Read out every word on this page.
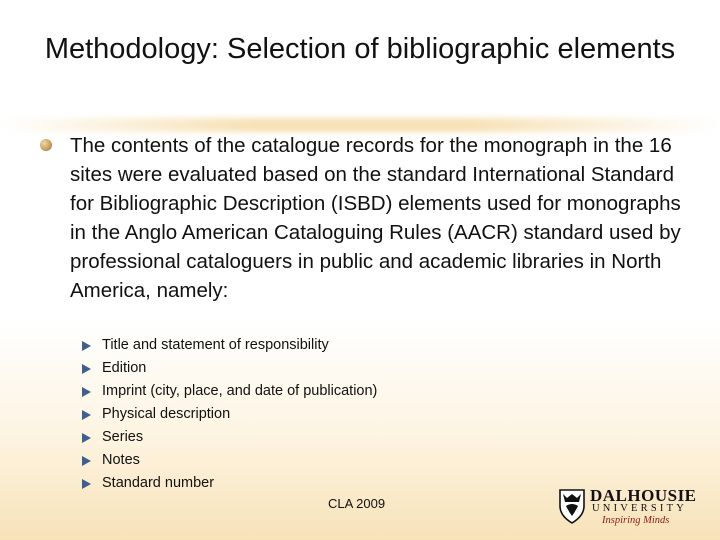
Methodology: Selection of bibliographic elements
The contents of the catalogue records for the monograph in the 16 sites were evaluated based on the standard International Standard for Bibliographic Description (ISBD) elements used for monographs in the Anglo American Cataloguing Rules (AACR) standard used by professional cataloguers in public and academic libraries in North America, namely:
Title and statement of responsibility
Edition
Imprint (city, place, and date of publication)
Physical description
Series
Notes
Standard number
CLA 2009	DALHOUSIE
UNIVERSITY
Inspiring Minds
